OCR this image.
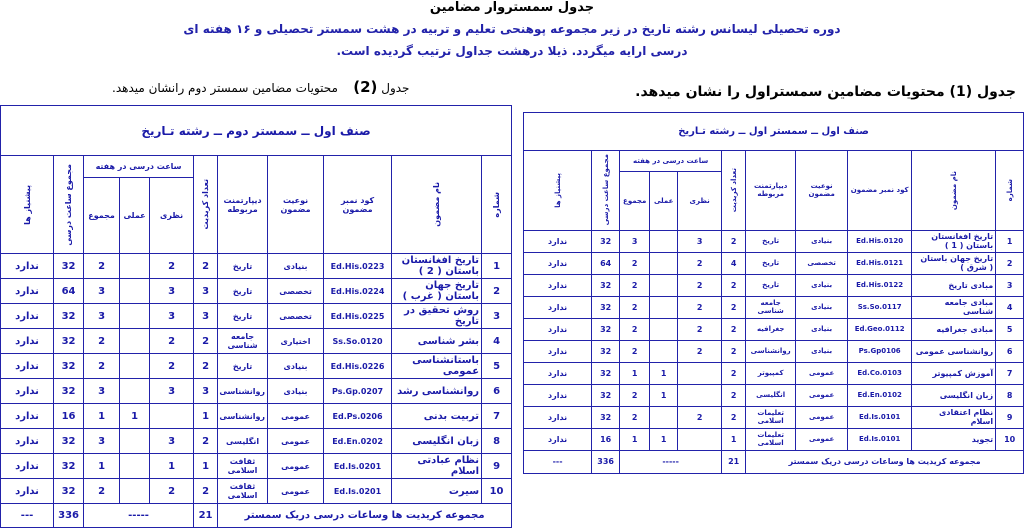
جدول سمستروار مضامین
دوره تحصیلی لیسانس رشته تاریخ در زیر مجموعه پوهنحی تعلیم و تربیه در هشت سمستر تحصیلی و ۱۶ هفته ای
درسی ارایه میگردد. ذیلا درهشت جداول ترتیب گردیده است.
جدول (1) محتویات مضامین سمستراول را نشان میدهد.
جدول (2)    محتویات مضامین سمستر دوم رانشان میدهد.
صنف اول ــ سمستر دوم ــ رشته تـاریخ										

شماره	نام مضمون	کود نمبر مضمون	نوعیت مضمون	دیپارتمنت مربوطه	تعداد کریدیت	ساعت درسی در هفته			مجموع ساعت درسی	پیشنیاز ها

						نظری	عملی	مجموع		
1	تاریخ افغانستان باستان ( 2 )	Ed.His.0223	بنیادی	تاریخ	2	2		2	32	ندارد
2	تاریخ جهان باستان ( غرب )	Ed.His.0224	تخصصی	تاریخ	3	3		3	64	ندارد
3	روش تحقیق در تاریخ	Ed.His.0225	تخصصی	تاریخ	3	3		3	32	ندارد
4	بشر شناسی	Ss.So.0120	اختیاری	جامعه شناسی	2	2		2	32	ندارد
5	باستانشناسی عمومی	Ed.His.0226	بنیادی	تاریخ	2	2		2	32	ندارد
6	روانشناسی رشد	Ps.Gp.0207	بنیادی	روانشناسی	3	3		3	32	ندارد
7	تربیت بدنی	Ed.Ps.0206	عمومی	روانشناسی	1		1	1	16	ندارد
8	زبان انگلیسی	Ed.En.0202	عمومی	انگلیسی	2	3		3	32	ندارد
9	نظام عبادتی اسلام	Ed.Is.0201	عمومی	ثقافت اسلامی	1	1		1	32	ندارد
10	سیرت	Ed.Is.0201	عمومی	ثقافت اسلامی	2	2		2	32	ندارد
مجموعه کریدیت ها وساعات درسی دریک سمستر					21	-----			336	---
صنف اول ــ سمستر اول ــ رشته تـاریخ										

شماره	نام مضمون	کود نمبر مضمون	نوعیت مضمون	دیپارتمنت مربوطه	تعداد کریدیت	ساعت درسی در هفته			مجموع ساعت درسی	پیشنیاز ها

						نظری	عملی	مجموع		
1	تاریخ افغانستان باستان ( 1 )	Ed.His.0120	بنیادی	تاریخ	2	3		3	32	ندارد
2	تاریخ جهان باستان ( شرق )	Ed.His.0121	تخصصی	تاریخ	4	2		2	64	ندارد
3	مبادی تاریخ	Ed.His.0122	بنیادی	تاریخ	2	2		2	32	ندارد
4	مبادی جامعه شناسی	Ss.So.0117	بنیادی	جامعه شناسی	2	2		2	32	ندارد
5	مبادی جغرافیه	Ed.Geo.0112	بنیادی	جغرافیه	2	2		2	32	ندارد
6	روانشناسی عمومی	Ps.Gp0106	بنیادی	روانشناسی	2	2		2	32	ندارد
7	آموزش کمپیوتر	Ed.Co.0103	عمومی	کمپیوتر	2		1	1	32	ندارد
8	زبان انگلیسی	Ed.En.0102	عمومی	انگلیسی	2		1	2	32	ندارد
9	نظام اعتقادی اسلام	Ed.Is.0101	عمومی	تعلیمات اسلامی	2	2		2	32	ندارد
10	تجوید	Ed.Is.0101	عمومی	تعلیمات اسلامی	1		1	1	16	ندارد
مجموعه کریدیت ها وساعات درسی دریک سمستر					21	-----			336	---
